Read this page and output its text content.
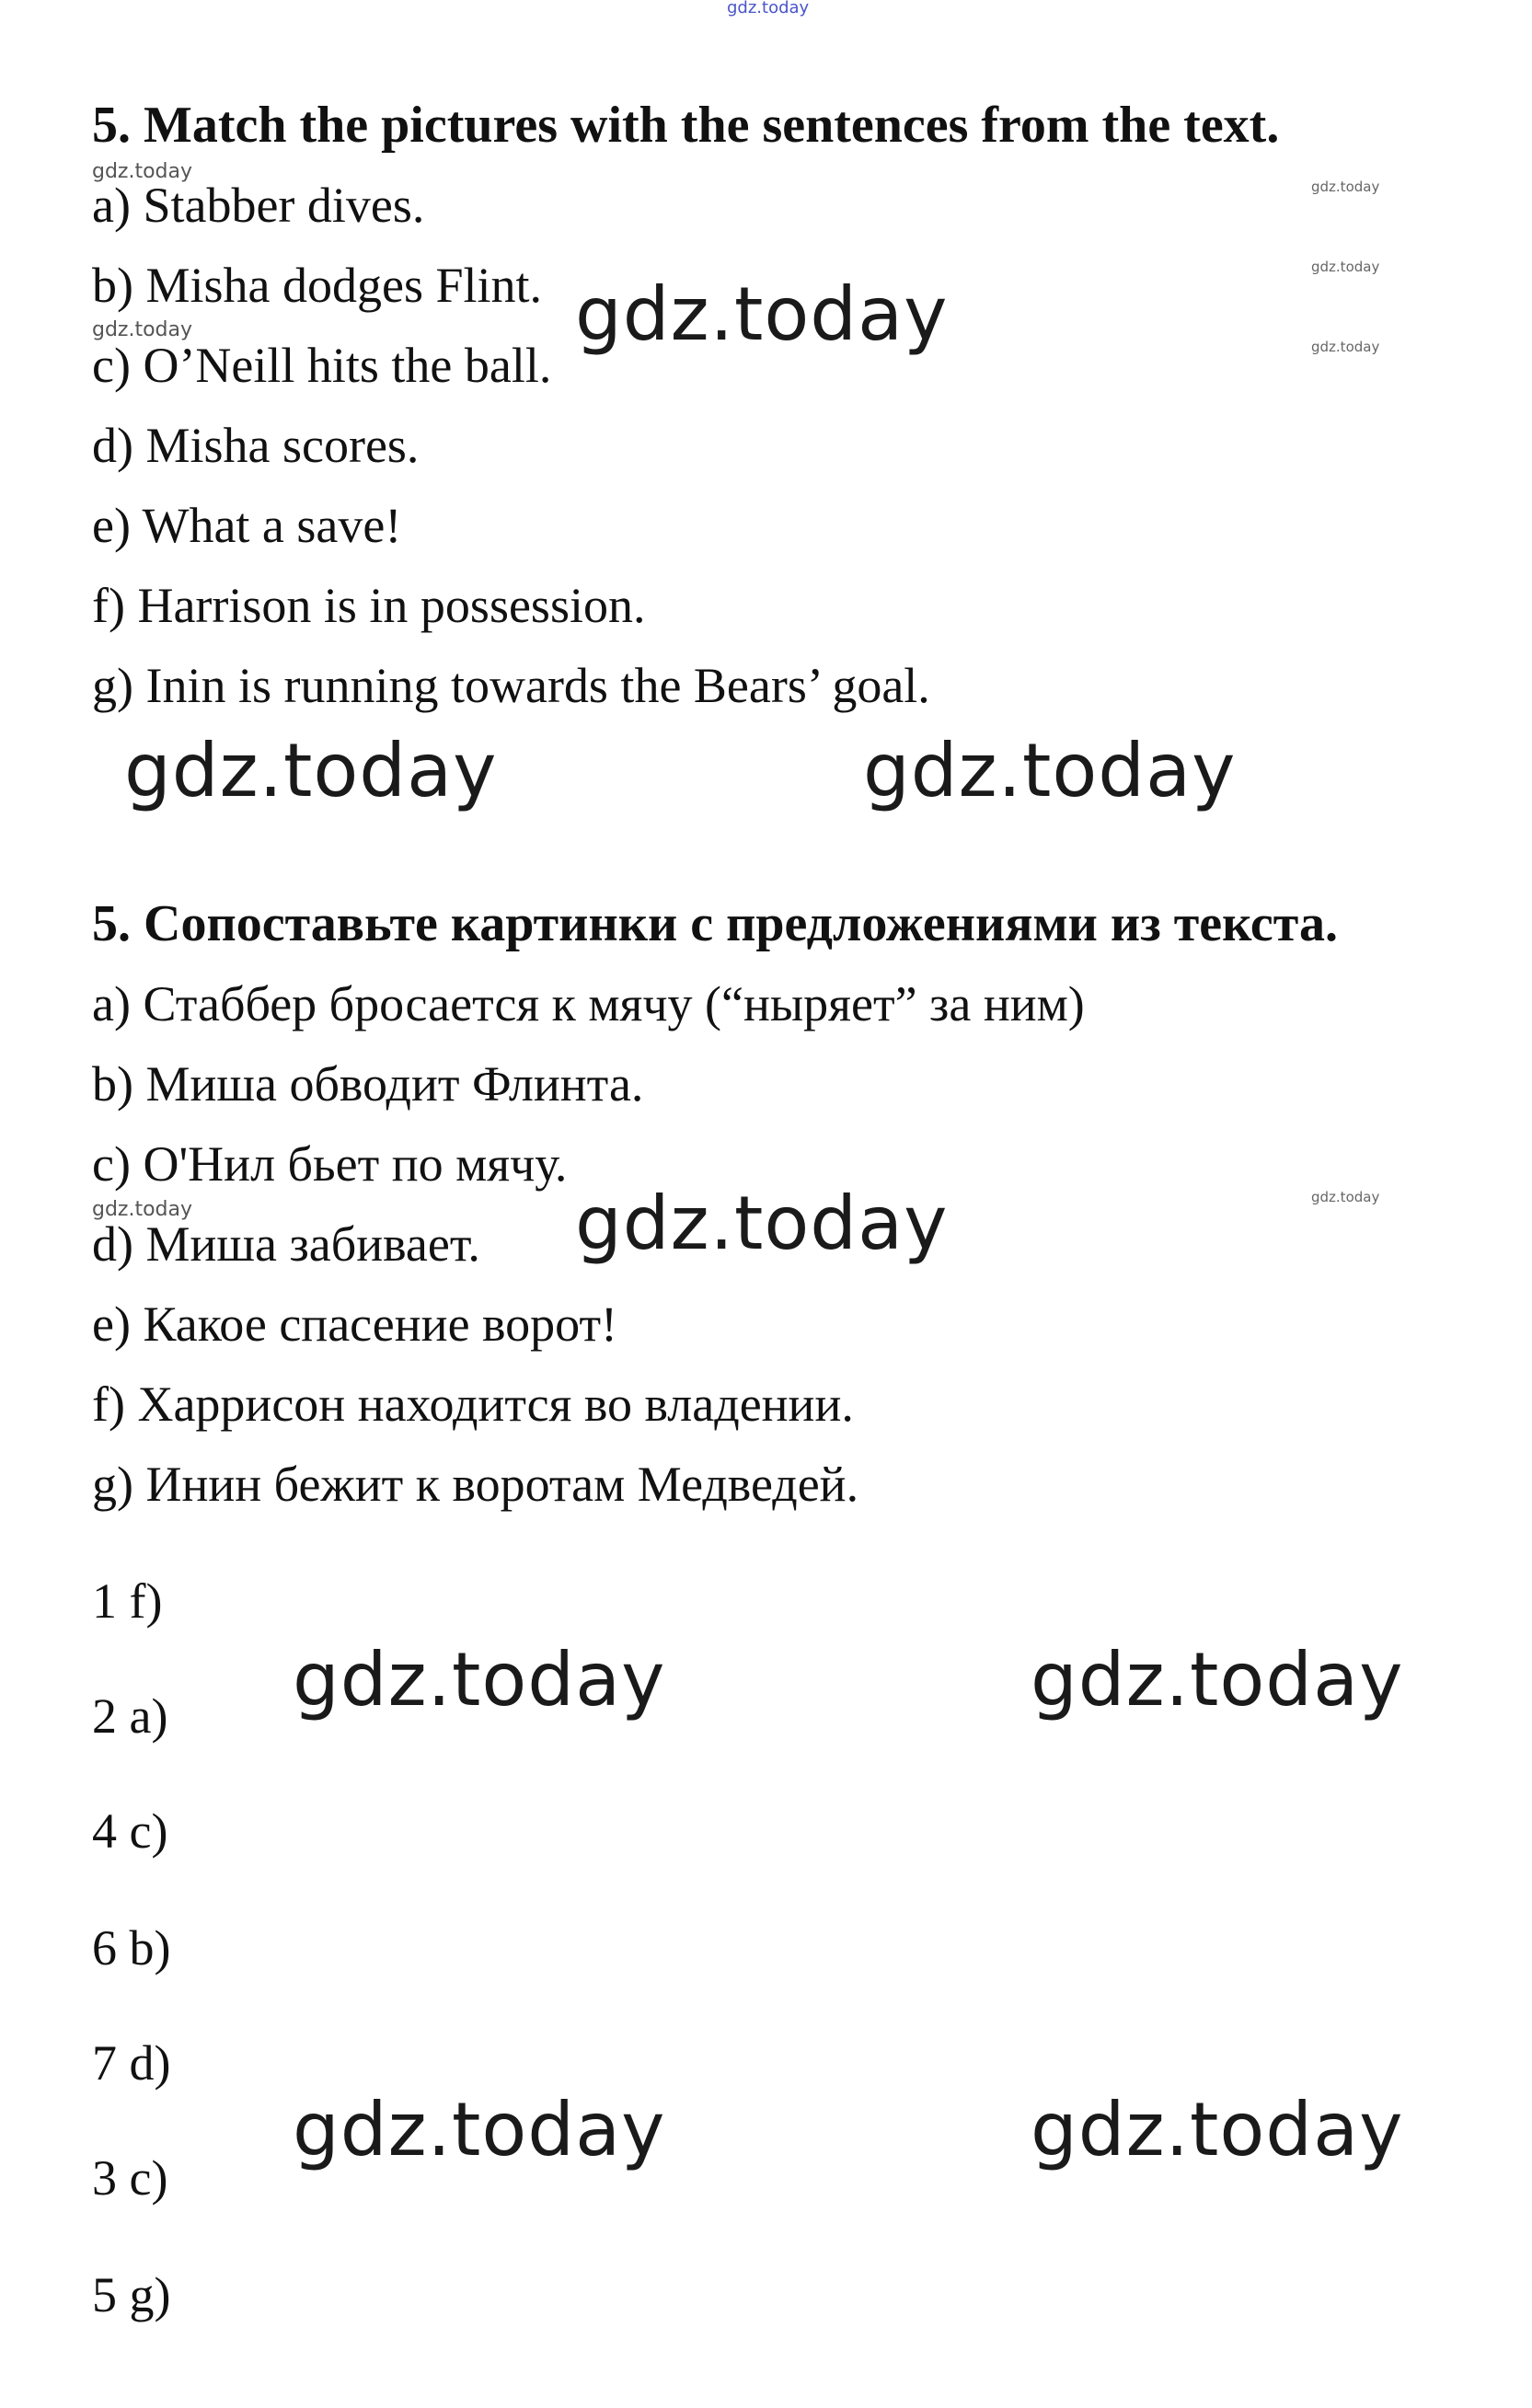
gdz.today
5. Match the pictures with the sentences from the text.

a) Stabber dives.

b) Misha dodges Flint.

c) O’Neill hits the ball.

d) Misha scores.

e) What a save!

f) Harrison is in possession.

g) Inin is running towards the Bears’ goal.

gdz.today
gdz.today
gdz.today
gdz.today
gdz.today
gdz.today
gdz.today	gdz.today
5. Сопоставьте картинки с предложениями из текста.

a) Стаббер бросается к мячу (“ныряет” за ним)

b) Миша обводит Флинта.

c) O'Нил бьет по мячу.

d) Миша забивает.

e) Какое спасение ворот!

f) Харрисон находится во владении.

g) Инин бежит к воротам Медведей.

gdz.today
gdz.today
gdz.today

1 f)

2 a)

4 c)

6 b)

7 d)

3 c)

5 g)

gdz.today	gdz.today
gdz.today	gdz.today
